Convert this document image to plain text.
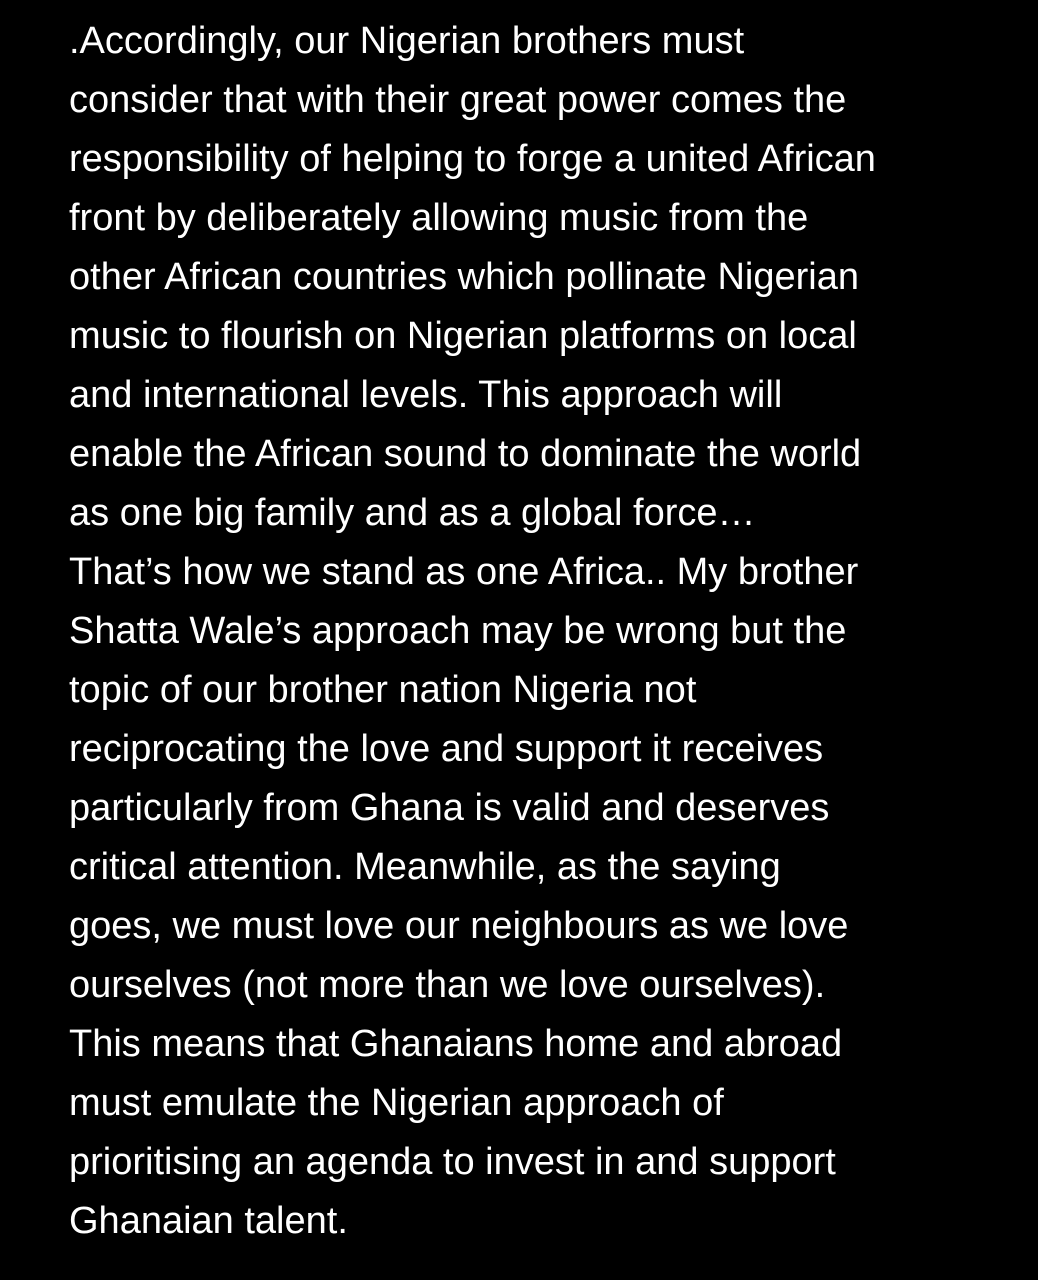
.Accordingly, our Nigerian brothers must
consider that with their great power comes the
responsibility of helping to forge a united African
front by deliberately allowing music from the
other African countries which pollinate Nigerian
music to flourish on Nigerian platforms on local
and international levels. This approach will
enable the African sound to dominate the world
as one big family and as a global force…
That’s how we stand as one Africa.. My brother
Shatta Wale’s approach may be wrong but the
topic of our brother nation Nigeria not
reciprocating the love and support it receives
particularly from Ghana is valid and deserves
critical attention. Meanwhile, as the saying
goes, we must love our neighbours as we love
ourselves (not more than we love ourselves).
This means that Ghanaians home and abroad
must emulate the Nigerian approach of
prioritising an agenda to invest in and support
Ghanaian talent.
